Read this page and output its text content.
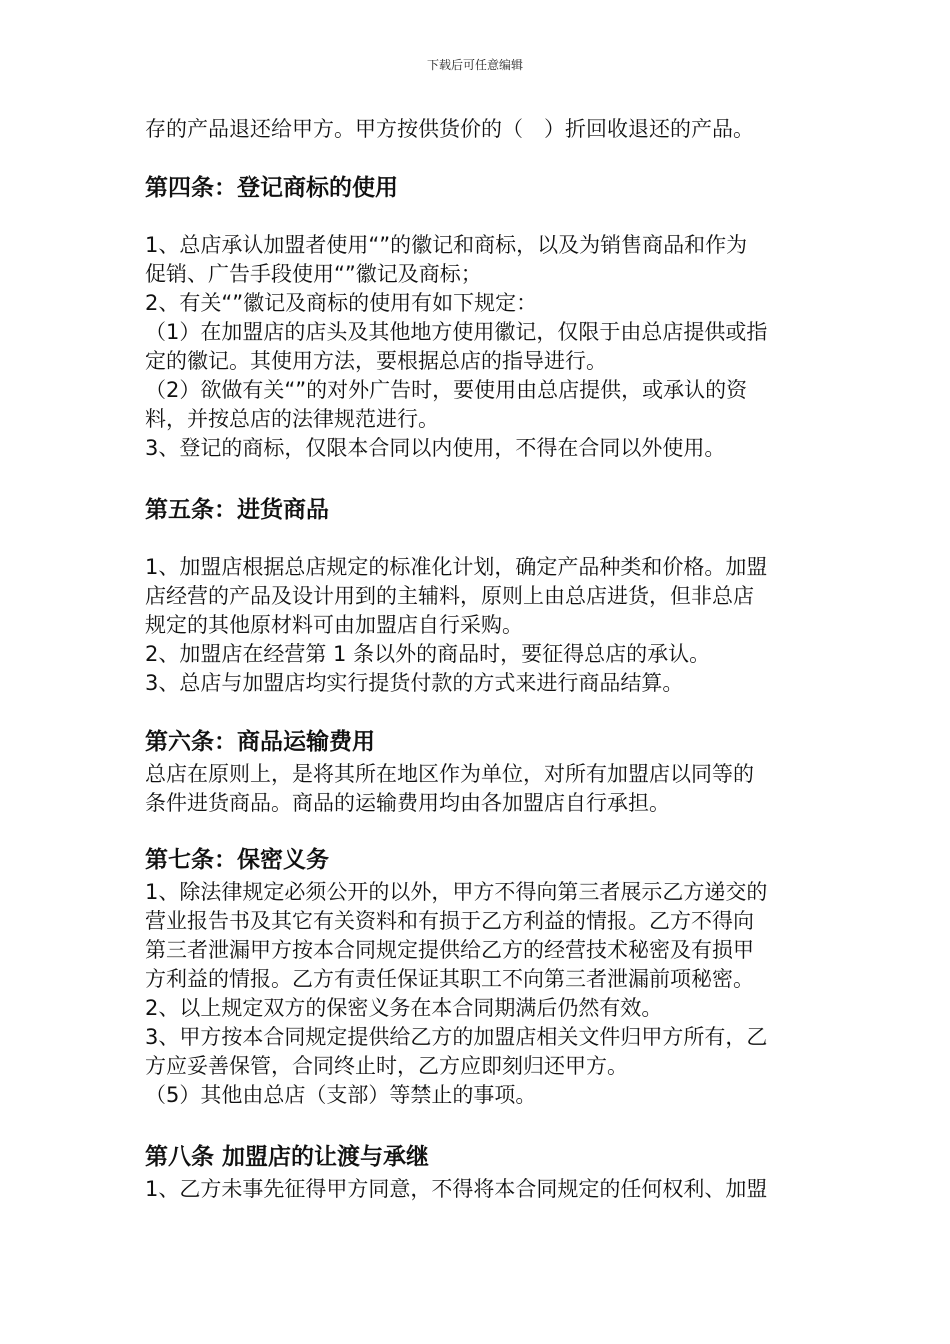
下载后可任意编辑
存的产品退还给甲方。甲方按供货价的（　）折回收退还的产品。
第四条：登记商标的使用
1、总店承认加盟者使用“”的徽记和商标，以及为销售商品和作为
促销、广告手段使用“”徽记及商标；
2、有关“”徽记及商标的使用有如下规定：
（1）在加盟店的店头及其他地方使用徽记，仅限于由总店提供或指
定的徽记。其使用方法，要根据总店的指导进行。
（2）欲做有关“”的对外广告时，要使用由总店提供，或承认的资
料，并按总店的法律规范进行。
3、登记的商标，仅限本合同以内使用，不得在合同以外使用。
第五条：进货商品
1、加盟店根据总店规定的标准化计划，确定产品种类和价格。加盟
店经营的产品及设计用到的主辅料，原则上由总店进货，但非总店
规定的其他原材料可由加盟店自行采购。
2、加盟店在经营第 1 条以外的商品时，要征得总店的承认。
3、总店与加盟店均实行提货付款的方式来进行商品结算。
第六条：商品运输费用
总店在原则上，是将其所在地区作为单位，对所有加盟店以同等的
条件进货商品。商品的运输费用均由各加盟店自行承担。
第七条：保密义务
1、除法律规定必须公开的以外，甲方不得向第三者展示乙方递交的
营业报告书及其它有关资料和有损于乙方利益的情报。乙方不得向
第三者泄漏甲方按本合同规定提供给乙方的经营技术秘密及有损甲
方利益的情报。乙方有责任保证其职工不向第三者泄漏前项秘密。
2、以上规定双方的保密义务在本合同期满后仍然有效。
3、甲方按本合同规定提供给乙方的加盟店相关文件归甲方所有，乙
方应妥善保管，合同终止时，乙方应即刻归还甲方。
（5）其他由总店（支部）等禁止的事项。
第八条 加盟店的让渡与承继
1、乙方未事先征得甲方同意，不得将本合同规定的任何权利、加盟
